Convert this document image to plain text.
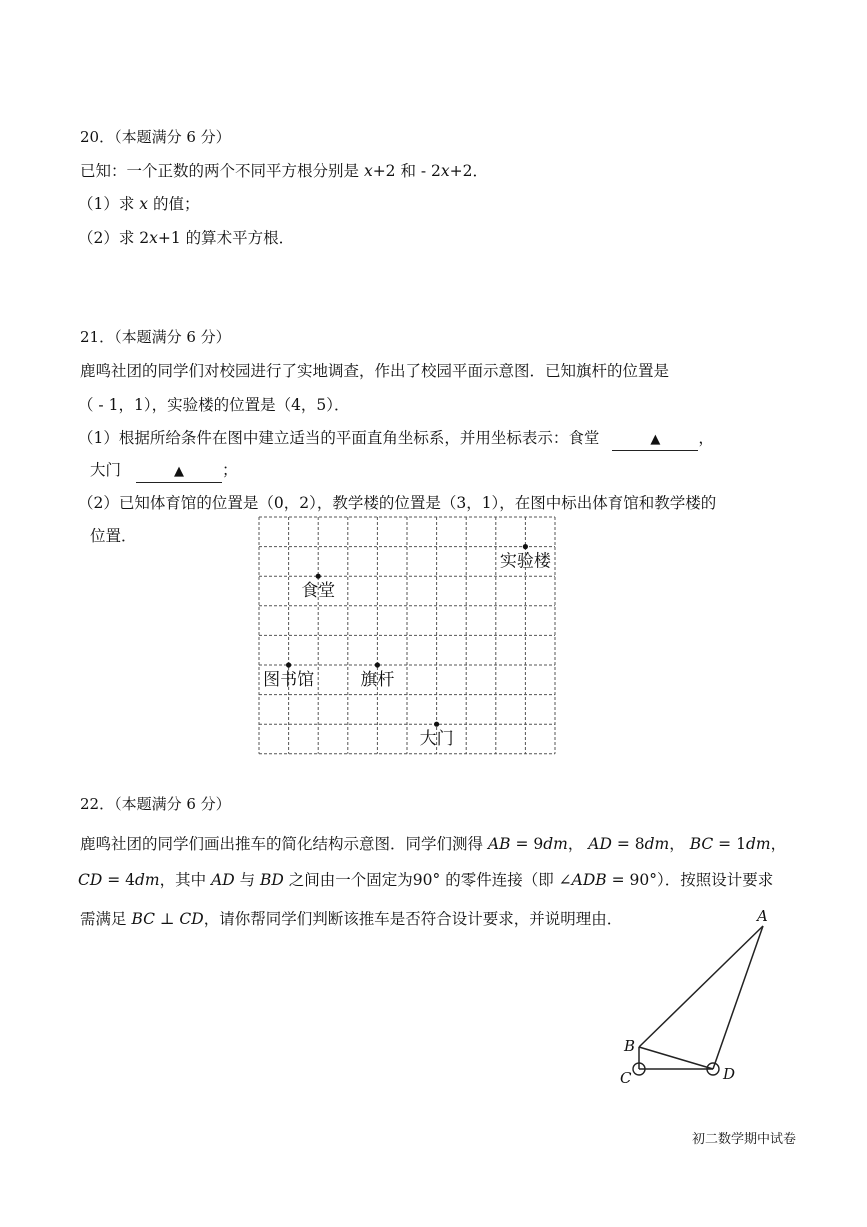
20．（本题满分 6 分）
已知：一个正数的两个不同平方根分别是 x+2 和 - 2x+2．
（1）求 x 的值；
（2）求 2x+1 的算术平方根．
21．（本题满分 6 分）
鹿鸣社团的同学们对校园进行了实地调查，作出了校园平面示意图．已知旗杆的位置是
（ - 1，1），实验楼的位置是（4，5）．
（1）根据所给条件在图中建立适当的平面直角坐标系，并用坐标表示：食堂	▲ ，
大门	▲ ；
（2）已知体育馆的位置是（0，2），教学楼的位置是（3，1），在图中标出体育馆和教学楼的
位置．
实验楼
食堂
图书馆	旗杆
大门
22．（本题满分 6 分）
鹿鸣社团的同学们画出推车的简化结构示意图．同学们测得 AB = 9dm， AD = 8dm， BC = 1dm，
CD = 4dm，其中 AD 与 BD 之间由一个固定为90° 的零件连接（即 ∠ADB = 90°）．按照设计要求
需满足 BC ⊥ CD，请你帮同学们判断该推车是否符合设计要求，并说明理由．	A
B
C	D
初二数学期中试卷
